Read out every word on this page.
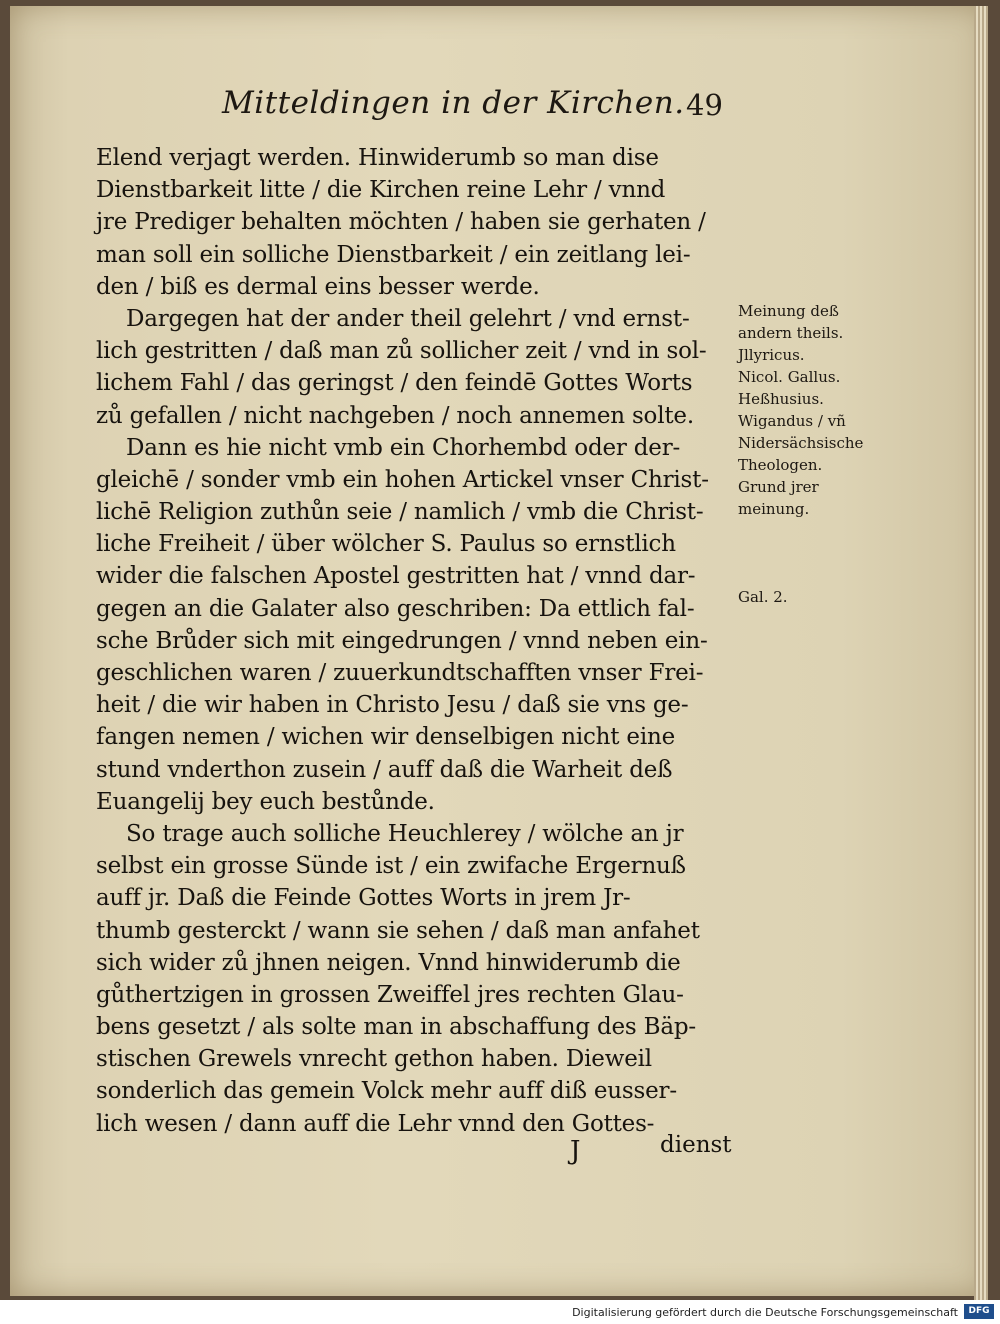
Mitteldingen in der Kirchen. 49
Elend verjagt werden. Hinwiderumb so man dise
Dienstbarkeit litte / die Kirchen reine Lehr / vnnd
jre Prediger behalten möchten / haben sie gerhaten /
man soll ein solliche Dienstbarkeit / ein zeitlang lei-
den / biß es dermal eins besser werde.
Dargegen hat der ander theil gelehrt / vnd ernst-
lich gestritten / daß man zů sollicher zeit / vnd in sol-
lichem Fahl / das geringst / den feindē Gottes Worts
zů gefallen / nicht nachgeben / noch annemen solte.
Dann es hie nicht vmb ein Chorhembd oder der-
gleichē / sonder vmb ein hohen Artickel vnser Christ-
lichē Religion zuthůn seie / namlich / vmb die Christ-
liche Freiheit / über wölcher S. Paulus so ernstlich
wider die falschen Apostel gestritten hat / vnnd dar-
gegen an die Galater also geschriben: Da ettlich fal-
sche Brůder sich mit eingedrungen / vnnd neben ein-
geschlichen waren / zuuerkundtschafften vnser Frei-
heit / die wir haben in Christo Jesu / daß sie vns ge-
fangen nemen / wichen wir denselbigen nicht eine
stund vnderthon zusein / auff daß die Warheit deß
Euangelij bey euch bestůnde.
So trage auch solliche Heuchlerey / wölche an jr
selbst ein grosse Sünde ist / ein zwifache Ergernuß
auff jr. Daß die Feinde Gottes Worts in jrem Jr-
thumb gesterckt / wann sie sehen / daß man anfahet
sich wider zů jhnen neigen. Vnnd hinwiderumb die
gůthertzigen in grossen Zweiffel jres rechten Glau-
bens gesetzt / als solte man in abschaffung des Bäp-
stischen Grewels vnrecht gethon haben. Dieweil
sonderlich das gemein Volck mehr auff diß eusser-
lich wesen / dann auff die Lehr vnnd den Gottes-
Meinung deß
andern theils.
Jllyricus.
Nicol. Gallus.
Heßhusius.
Wigandus / vñ
Nidersächsische
Theologen.
Grund jrer
meinung.
Gal. 2.
J	dienst
Digitalisierung gefördert durch die Deutsche Forschungsgemeinschaft	DFG
